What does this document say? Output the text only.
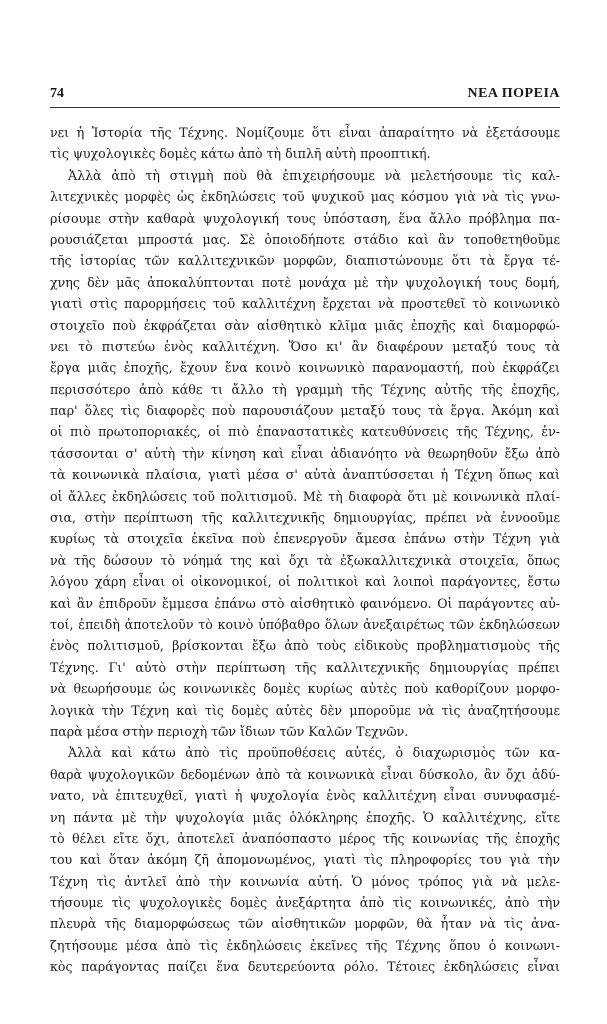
74	ΝΕΑ ΠΟΡΕΙΑ
νει ἡ Ἱστορία τῆς Τέχνης. Νομίζουμε ὅτι εἶναι ἀπαραίτητο νὰ ἐξετάσουμε
τὶς ψυχολογικὲς δομὲς κάτω ἀπὸ τὴ διπλῆ αὐτὴ προοπτική.
Ἀλλὰ ἀπὸ τὴ στιγμὴ ποὺ θὰ ἐπιχειρήσουμε νὰ μελετήσουμε τὶς καλ-
λιτεχνικὲς μορφὲς ὡς ἐκδηλώσεις τοῦ ψυχικοῦ μας κόσμου γιὰ νὰ τὶς γνω-
ρίσουμε στὴν καθαρὰ ψυχολογική τους ὑπόσταση, ἕνα ἄλλο πρόβλημα πα-
ρουσιάζεται μπροστά μας. Σὲ ὁποιοδήποτε στάδιο καὶ ἂν τοποθετηθοῦμε
τῆς ἱστορίας τῶν καλλιτεχνικῶν μορφῶν, διαπιστώνουμε ὅτι τὰ ἔργα τέ-
χνης δὲν μᾶς ἀποκαλύπτονται ποτὲ μονάχα μὲ τὴν ψυχολογική τους δομή,
γιατὶ στὶς παρορμήσεις τοῦ καλλιτέχνη ἔρχεται νὰ προστεθεῖ τὸ κοινωνικὸ
στοιχεῖο ποὺ ἐκφράζεται σὰν αἰσθητικὸ κλῖμα μιᾶς ἐποχῆς καὶ διαμορφώ-
νει τὸ πιστεύω ἑνὸς καλλιτέχνη. Ὅσο κι' ἂν διαφέρουν μεταξύ τους τὰ
ἔργα μιᾶς ἐποχῆς, ἔχουν ἕνα κοινὸ κοινωνικὸ παρανομαστή, ποὺ ἐκφράζει
περισσότερο ἀπὸ κάθε τι ἄλλο τὴ γραμμὴ τῆς Τέχνης αὐτῆς τῆς ἐποχῆς,
παρ' ὅλες τὶς διαφορὲς ποὺ παρουσιάζουν μεταξύ τους τὰ ἔργα. Ἀκόμη καὶ
οἱ πιὸ πρωτοποριακές, οἱ πιὸ ἐπαναστατικὲς κατευθύνσεις τῆς Τέχνης, ἐν-
τάσσονται σ' αὐτὴ τὴν κίνηση καὶ εἶναι ἀδιανόητο νὰ θεωρηθοῦν ἔξω ἀπὸ
τὰ κοινωνικὰ πλαίσια, γιατὶ μέσα σ' αὐτὰ ἀναπτύσσεται ἡ Τέχνη ὅπως καὶ
οἱ ἄλλες ἐκδηλώσεις τοῦ πολιτισμοῦ. Μὲ τὴ διαφορὰ ὅτι μὲ κοινωνικὰ πλαί-
σια, στὴν περίπτωση τῆς καλλιτεχνικῆς δημιουργίας, πρέπει νὰ ἐννοοῦμε
κυρίως τὰ στοιχεῖα ἐκεῖνα ποὺ ἐπενεργοῦν ἄμεσα ἐπάνω στὴν Τέχνη γιὰ
νὰ τῆς δώσουν τὸ νόημά της καὶ ὄχι τὰ ἐξωκαλλιτεχνικὰ στοιχεῖα, ὅπως
λόγου χάρη εἶναι οἱ οἰκονομικοί, οἱ πολιτικοὶ καὶ λοιποὶ παράγοντες, ἔστω
καὶ ἂν ἐπιδροῦν ἔμμεσα ἐπάνω στὸ αἰσθητικὸ φαινόμενο. Οἱ παράγοντες αὐ-
τοί, ἐπειδὴ ἀποτελοῦν τὸ κοινὸ ὑπόβαθρο ὅλων ἀνεξαιρέτως τῶν ἐκδηλώσεων
ἑνὸς πολιτισμοῦ, βρίσκονται ἔξω ἀπὸ τοὺς εἰδικοὺς προβληματισμοὺς τῆς
Τέχνης. Γι' αὐτὸ στὴν περίπτωση τῆς καλλιτεχνικῆς δημιουργίας πρέπει
νὰ θεωρήσουμε ὡς κοινωνικὲς δομὲς κυρίως αὐτὲς ποὺ καθορίζουν μορφο-
λογικὰ τὴν Τέχνη καὶ τὶς δομὲς αὐτὲς δὲν μποροῦμε νὰ τὶς ἀναζητήσουμε
παρὰ μέσα στὴν περιοχὴ τῶν ἴδιων τῶν Καλῶν Τεχνῶν.
Ἀλλὰ καὶ κάτω ἀπὸ τὶς προϋποθέσεις αὐτές, ὁ διαχωρισμὸς τῶν κα-
θαρὰ ψυχολογικῶν δεδομένων ἀπὸ τὰ κοινωνικὰ εἶναι δύσκολο, ἂν ὄχι ἀδύ-
νατο, νὰ ἐπιτευχθεῖ, γιατὶ ἡ ψυχολογία ἑνὸς καλλιτέχνη εἶναι συνυφασμέ-
νη πάντα μὲ τὴν ψυχολογία μιᾶς ὁλόκληρης ἐποχῆς. Ὁ καλλιτέχνης, εἴτε
τὸ θέλει εἴτε ὄχι, ἀποτελεῖ ἀναπόσπαστο μέρος τῆς κοινωνίας τῆς ἐποχῆς
του καὶ ὅταν ἀκόμη ζῆ ἀπομονωμένος, γιατὶ τὶς πληροφορίες του γιὰ τὴν
Τέχνη τὶς ἀντλεῖ ἀπὸ τὴν κοινωνία αὐτή. Ὁ μόνος τρόπος γιὰ νὰ μελε-
τήσουμε τὶς ψυχολογικὲς δομὲς ἀνεξάρτητα ἀπὸ τὶς κοινωνικές, ἀπὸ τὴν
πλευρὰ τῆς διαμορφώσεως τῶν αἰσθητικῶν μορφῶν, θὰ ἦταν νὰ τὶς ἀνα-
ζητήσουμε μέσα ἀπὸ τὶς ἐκδηλώσεις ἐκεῖνες τῆς Τέχνης ὅπου ὁ κοινωνι-
κὸς παράγοντας παίζει ἕνα δευτερεύοντα ρόλο. Τέτοιες ἐκδηλώσεις εἶναι
